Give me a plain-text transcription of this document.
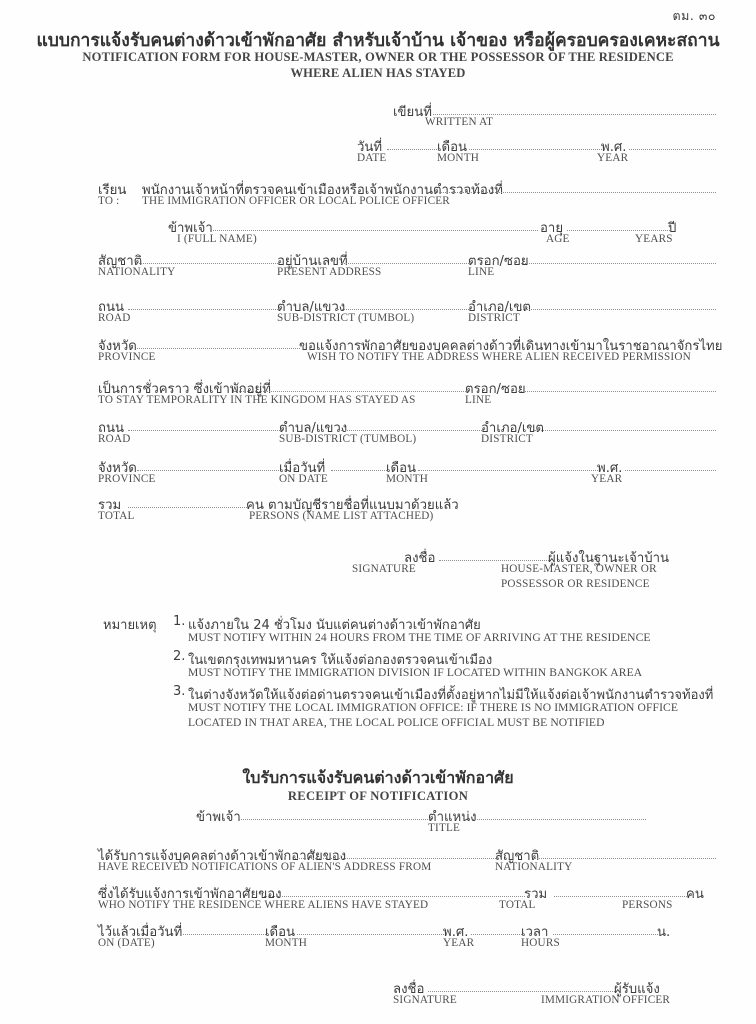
ตม. ๓๐
แบบการแจ้งรับคนต่างด้าวเข้าพักอาศัย สำหรับเจ้าบ้าน เจ้าของ หรือผู้ครอบครองเคหะสถาน
NOTIFICATION FORM FOR HOUSE-MASTER, OWNER OR THE POSSESSOR OF THE RESIDENCE
WHERE ALIEN HAS STAYED
เขียนที่
WRITTEN AT
วันที่	เดือน	พ.ศ.
DATE	MONTH	YEAR
เรียน พนักงานเจ้าหน้าที่ตรวจคนเข้าเมืองหรือเจ้าพนักงานตำรวจท้องที่
TO : THE IMMIGRATION OFFICER OR LOCAL POLICE OFFICER
ข้าพเจ้า	อายุ	ปี
I (FULL NAME)	AGE	YEARS
สัญชาติ	อยู่บ้านเลขที่	ตรอก/ซอย
NATIONALITY	PRESENT ADDRESS	LINE
ถนน	ตำบล/แขวง	อำเภอ/เขต
ROAD	SUB-DISTRICT (TUMBOL)	DISTRICT
จังหวัด	ขอแจ้งการพักอาศัยของบุคคลต่างด้าวที่เดินทางเข้ามาในราชอาณาจักรไทย
PROVINCE	WISH TO NOTIFY THE ADDRESS WHERE ALIEN RECEIVED PERMISSION
เป็นการชั่วคราว ซึ่งเข้าพักอยู่ที่	ตรอก/ซอย
TO STAY TEMPORALITY IN THE KINGDOM HAS STAYED AS	LINE
ถนน	ตำบล/แขวง	อำเภอ/เขต
ROAD	SUB-DISTRICT (TUMBOL)	DISTRICT
จังหวัด	เมื่อวันที่	เดือน	พ.ศ.
PROVINCE	ON DATE	MONTH	YEAR
รวม	คน ตามบัญชีรายชื่อที่แนบมาด้วยแล้ว
TOTAL	PERSONS (NAME LIST ATTACHED)
ลงชื่อ	ผู้แจ้งในฐานะเจ้าบ้าน
SIGNATURE	HOUSE-MASTER, OWNER OR
POSSESSOR OR RESIDENCE
หมายเหตุ 1. แจ้งภายใน 24 ชั่วโมง นับแต่คนต่างด้าวเข้าพักอาศัย
MUST NOTIFY WITHIN 24 HOURS FROM THE TIME OF ARRIVING AT THE RESIDENCE
2. ในเขตกรุงเทพมหานคร ให้แจ้งต่อกองตรวจคนเข้าเมือง
MUST NOTIFY THE IMMIGRATION DIVISION IF LOCATED WITHIN BANGKOK AREA
3. ในต่างจังหวัดให้แจ้งต่อด่านตรวจคนเข้าเมืองที่ตั้งอยู่หากไม่มีให้แจ้งต่อเจ้าพนักงานตำรวจท้องที่
MUST NOTIFY THE LOCAL IMMIGRATION OFFICE: IF THERE IS NO IMMIGRATION OFFICE
LOCATED IN THAT AREA, THE LOCAL POLICE OFFICIAL MUST BE NOTIFIED
ใบรับการแจ้งรับคนต่างด้าวเข้าพักอาศัย
RECEIPT OF NOTIFICATION
ข้าพเจ้า	ตำแหน่ง
TITLE
ได้รับการแจ้งบุคคลต่างด้าวเข้าพักอาศัยของ	สัญชาติ
HAVE RECEIVED NOTIFICATIONS OF ALIEN'S ADDRESS FROM	NATIONALITY
ซึ่งได้รับแจ้งการเข้าพักอาศัยของ	รวม	คน
WHO NOTIFY THE RESIDENCE WHERE ALIENS HAVE STAYED	TOTAL	PERSONS
ไว้แล้วเมื่อวันที่	เดือน	พ.ศ.	เวลา	น.
ON (DATE)	MONTH	YEAR	HOURS
ลงชื่อ	ผู้รับแจ้ง
SIGNATURE	IMMIGRATION OFFICER
